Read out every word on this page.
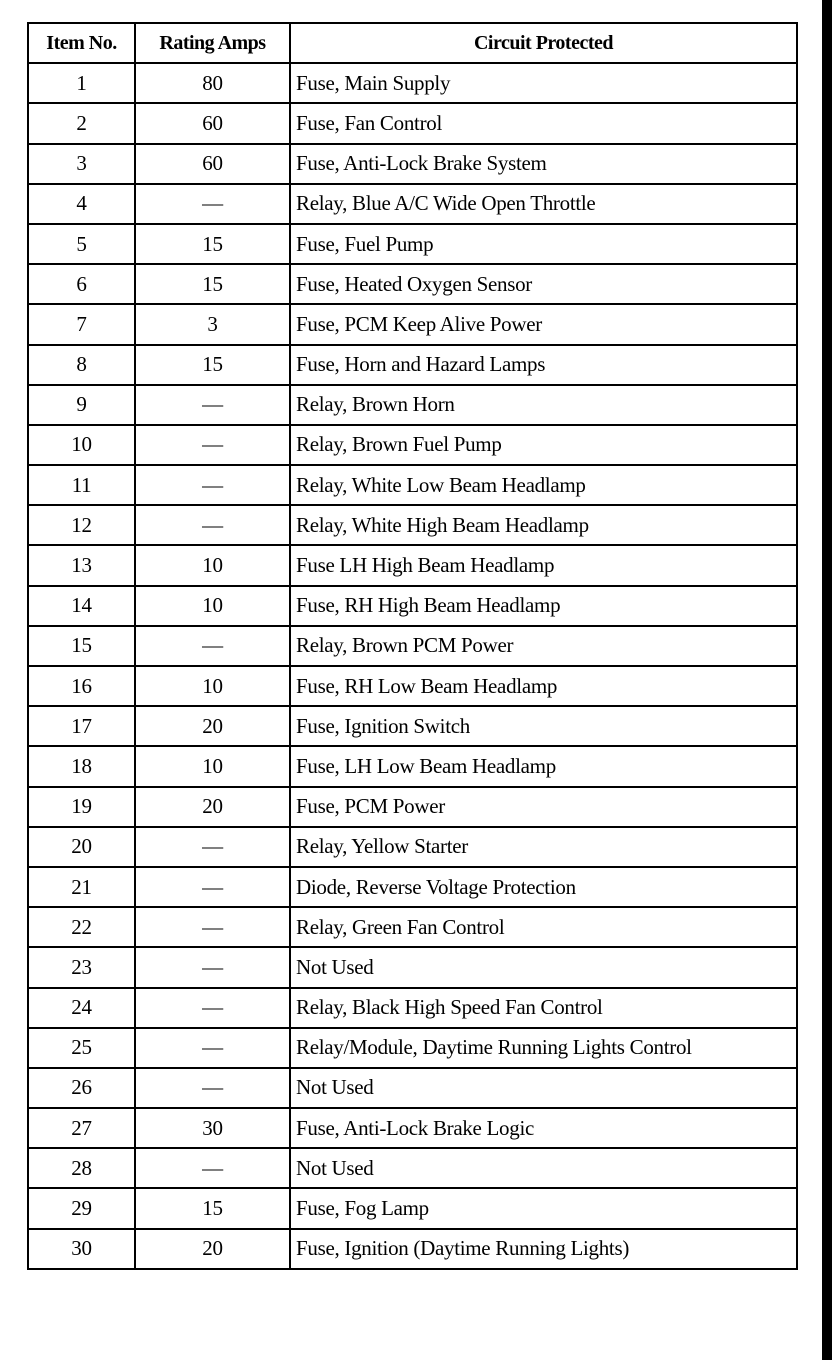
Item No.	Rating Amps	Circuit Protected
1	80	Fuse, Main Supply
2	60	Fuse, Fan Control
3	60	Fuse, Anti-Lock Brake System
4	—	Relay, Blue A/C Wide Open Throttle
5	15	Fuse, Fuel Pump
6	15	Fuse, Heated Oxygen Sensor
7	3	Fuse, PCM Keep Alive Power
8	15	Fuse, Horn and Hazard Lamps
9	—	Relay, Brown Horn
10	—	Relay, Brown Fuel Pump
11	—	Relay, White Low Beam Headlamp
12	—	Relay, White High Beam Headlamp
13	10	Fuse LH High Beam Headlamp
14	10	Fuse, RH High Beam Headlamp
15	—	Relay, Brown PCM Power
16	10	Fuse, RH Low Beam Headlamp
17	20	Fuse, Ignition Switch
18	10	Fuse, LH Low Beam Headlamp
19	20	Fuse, PCM Power
20	—	Relay, Yellow Starter
21	—	Diode, Reverse Voltage Protection
22	—	Relay, Green Fan Control
23	—	Not Used
24	—	Relay, Black High Speed Fan Control
25	—	Relay/Module, Daytime Running Lights Control
26	—	Not Used
27	30	Fuse, Anti-Lock Brake Logic
28	—	Not Used
29	15	Fuse, Fog Lamp
30	20	Fuse, Ignition (Daytime Running Lights)
